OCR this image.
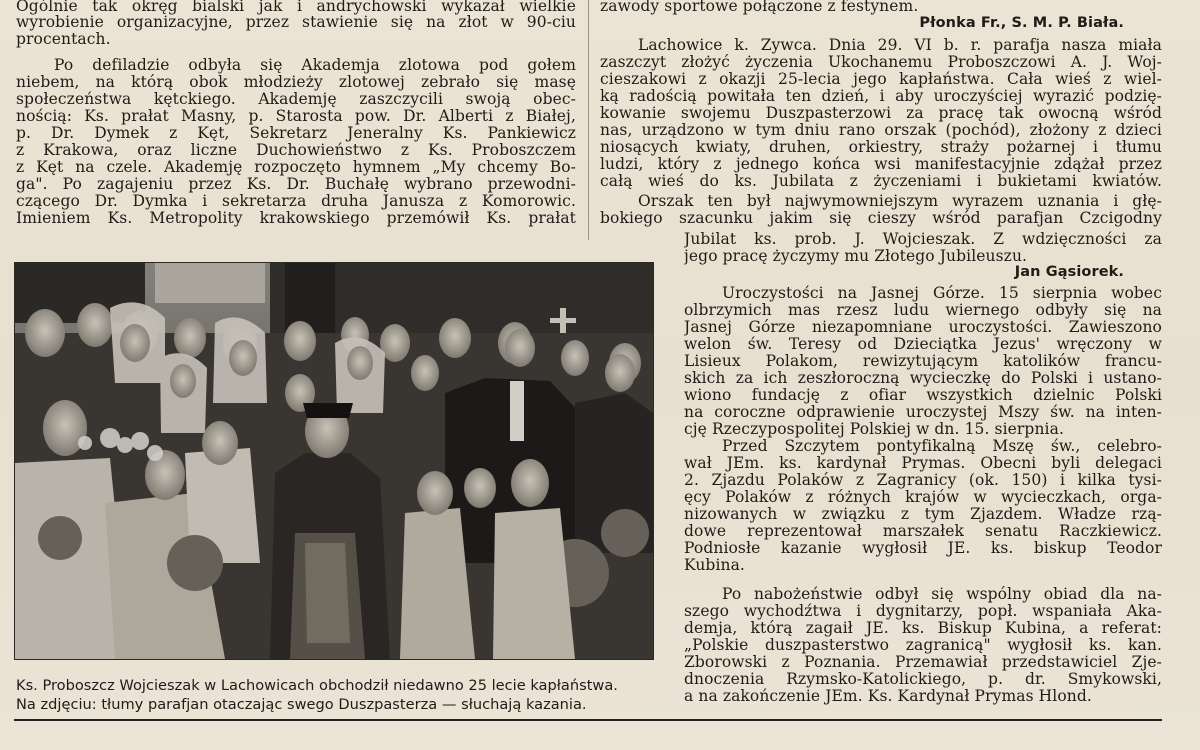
Ogólnie tak okręg bialski jak i andrychowski wykazał wielkie
wyrobienie organizacyjne, przez stawienie się na złot w 90-ciu
procentach.
Po defiladzie odbyła się Akademja zlotowa pod gołem
niebem, na którą obok młodzieży zlotowej zebrało się masę
społeczeństwa kętckiego. Akademję zaszczycili swoją obec-
nością: Ks. prałat Masny, p. Starosta pow. Dr. Alberti z Białej,
p. Dr. Dymek z Kęt, Sekretarz Jeneralny Ks. Pankiewicz
z Krakowa, oraz liczne Duchowieństwo z Ks. Proboszczem
z Kęt na czele. Akademję rozpoczęto hymnem „My chcemy Bo-
ga". Po zagajeniu przez Ks. Dr. Buchałę wybrano przewodni-
czącego Dr. Dymka i sekretarza druha Janusza z Komorowic.
Imieniem Ks. Metropolity krakowskiego przemówił Ks. prałat
Ks. Proboszcz Wojcieszak w Lachowicach obchodził niedawno 25 lecie kapłaństwa.
Na zdjęciu: tłumy parafjan otaczając swego Duszpasterza — słuchają kazania.
zawody sportowe połączone z festynem.
Płonka Fr., S. M. P. Biała.
Lachowice k. Żywca. Dnia 29. VI b. r. parafja nasza miała
zaszczyt złożyć życzenia Ukochanemu Proboszczowi A. J. Woj-
cieszakowi z okazji 25-lecia jego kapłaństwa. Cała wieś z wiel-
ką radością powitała ten dzień, i aby uroczyściej wyrazić podzię-
kowanie swojemu Duszpasterzowi za pracę tak owocną wśród
nas, urządzono w tym dniu rano orszak (pochód), złożony z dzieci
niosących kwiaty, druhen, orkiestry, straży pożarnej i tłumu
ludzi, który z jednego końca wsi manifestacyjnie zdążał przez
całą wieś do ks. Jubilata z życzeniami i bukietami kwiatów.
Orszak ten był najwymowniejszym wyrazem uznania i głę-
bokiego szacunku jakim się cieszy wśród parafjan Czcigodny
Jubilat ks. prob. J. Wojcieszak. Z wdzięczności za
jego pracę życzymy mu Złotego Jubileuszu.
Jan Gąsiorek.
Uroczystości na Jasnej Górze. 15 sierpnia wobec
olbrzymich mas rzesz ludu wiernego odbyły się na
Jasnej Górze niezapomniane uroczystości. Zawieszono
welon św. Teresy od Dzieciątka Jezus' wręczony w
Lisieux Polakom, rewizytującym katolików francu-
skich za ich zeszłoroczną wycieczkę do Polski i ustano-
wiono fundację z ofiar wszystkich dzielnic Polski
na coroczne odprawienie uroczystej Mszy św. na inten-
cję Rzeczypospolitej Polskiej w dn. 15. sierpnia.
Przed Szczytem pontyfikalną Mszę św., celebro-
wał JEm. ks. kardynał Prymas. Obecni byli delegaci
2. Zjazdu Polaków z Zagranicy (ok. 150) i kilka tysi-
ęcy Polaków z różnych krajów w wycieczkach, orga-
nizowanych w związku z tym Zjazdem. Władze rzą-
dowe reprezentował marszałek senatu Raczkiewicz.
Podniosłe kazanie wygłosił JE. ks. biskup Teodor
Kubina.
Po nabożeństwie odbył się wspólny obiad dla na-
szego wychodźtwa i dygnitarzy, popł. wspaniała Aka-
demja, którą zagaił JE. ks. Biskup Kubina, a referat:
„Polskie duszpasterstwo zagranicą" wygłosił ks. kan.
Zborowski z Poznania. Przemawiał przedstawiciel Zje-
dnoczenia Rzymsko-Katolickiego, p. dr. Smykowski,
a na zakończenie JEm. Ks. Kardynał Prymas Hlond.
